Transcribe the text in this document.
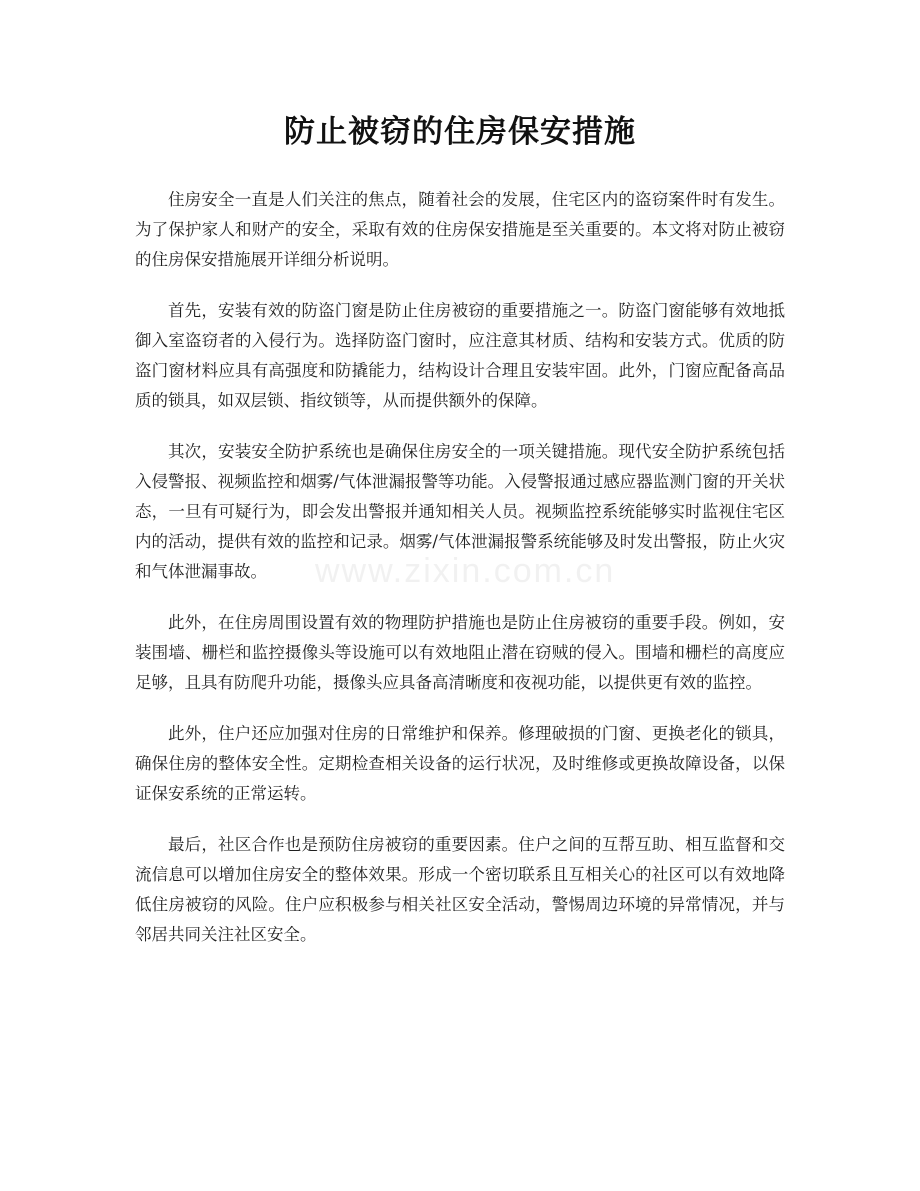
防止被窃的住房保安措施

住房安全一直是人们关注的焦点，随着社会的发展，住宅区内的盗窃案件时有发生。为了保护家人和财产的安全，采取有效的住房保安措施是至关重要的。本文将对防止被窃的住房保安措施展开详细分析说明。

首先，安装有效的防盗门窗是防止住房被窃的重要措施之一。防盗门窗能够有效地抵御入室盗窃者的入侵行为。选择防盗门窗时，应注意其材质、结构和安装方式。优质的防盗门窗材料应具有高强度和防撬能力，结构设计合理且安装牢固。此外，门窗应配备高品质的锁具，如双层锁、指纹锁等，从而提供额外的保障。

其次，安装安全防护系统也是确保住房安全的一项关键措施。现代安全防护系统包括入侵警报、视频监控和烟雾/气体泄漏报警等功能。入侵警报通过感应器监测门窗的开关状态，一旦有可疑行为，即会发出警报并通知相关人员。视频监控系统能够实时监视住宅区内的活动，提供有效的监控和记录。烟雾/气体泄漏报警系统能够及时发出警报，防止火灾和气体泄漏事故。

此外，在住房周围设置有效的物理防护措施也是防止住房被窃的重要手段。例如，安装围墙、栅栏和监控摄像头等设施可以有效地阻止潜在窃贼的侵入。围墙和栅栏的高度应足够，且具有防爬升功能，摄像头应具备高清晰度和夜视功能，以提供更有效的监控。

此外，住户还应加强对住房的日常维护和保养。修理破损的门窗、更换老化的锁具，确保住房的整体安全性。定期检查相关设备的运行状况，及时维修或更换故障设备，以保证保安系统的正常运转。

最后，社区合作也是预防住房被窃的重要因素。住户之间的互帮互助、相互监督和交流信息可以增加住房安全的整体效果。形成一个密切联系且互相关心的社区可以有效地降低住房被窃的风险。住户应积极参与相关社区安全活动，警惕周边环境的异常情况，并与邻居共同关注社区安全。

www.zixin.com.cn
